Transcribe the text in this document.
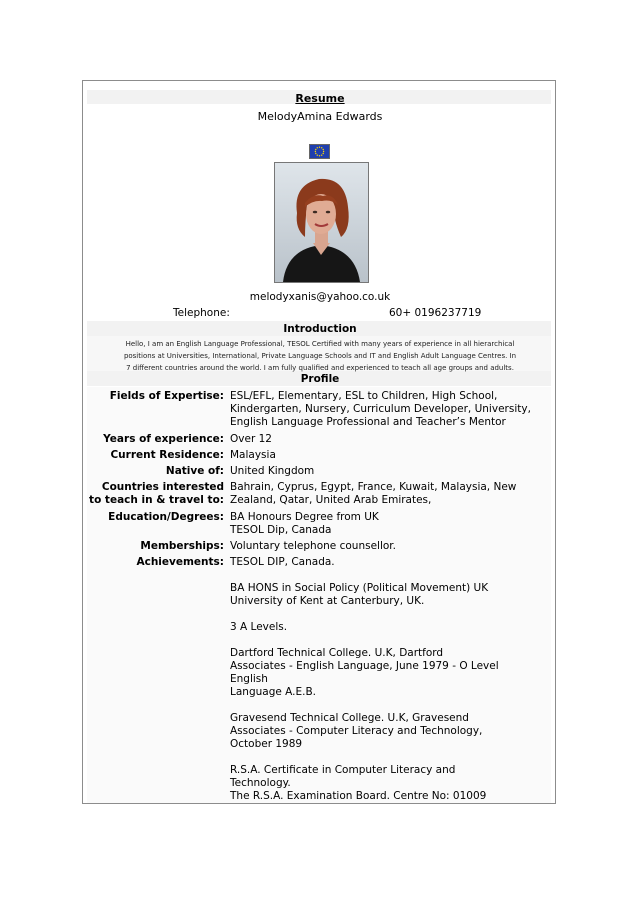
Resume
MelodyAmina Edwards
melodyxanis@yahoo.co.uk
Telephone:	60+ 0196237719
Introduction
Hello, I am an English Language Professional, TESOL Certified with many years of experience in all hierarchical
positions at Universities, International, Private Language Schools and IT and English Adult Language Centres. In
7 different countries around the world. I am fully qualified and experienced to teach all age groups and adults.
Profile
Fields of Expertise: ESL/EFL, Elementary, ESL to Children, High School,
Kindergarten, Nursery, Curriculum Developer, University,
English Language Professional and Teacher’s Mentor
Years of experience: Over 12
Current Residence: Malaysia
Native of: United Kingdom
Countries interested
to teach in & travel to:
Bahrain, Cyprus, Egypt, France, Kuwait, Malaysia, New
Zealand, Qatar, United Arab Emirates,
Education/Degrees: BA Honours Degree from UK
TESOL Dip, Canada
Memberships: Voluntary telephone counsellor.
Achievements: TESOL DIP, Canada.
BA HONS in Social Policy (Political Movement) UK
University of Kent at Canterbury, UK.
3 A Levels.
Dartford Technical College. U.K, Dartford
Associates - English Language, June 1979 - O Level
English
Language A.E.B.
Gravesend Technical College. U.K, Gravesend
Associates - Computer Literacy and Technology,
October 1989
R.S.A. Certificate in Computer Literacy and
Technology.
The R.S.A. Examination Board. Centre No: 01009
